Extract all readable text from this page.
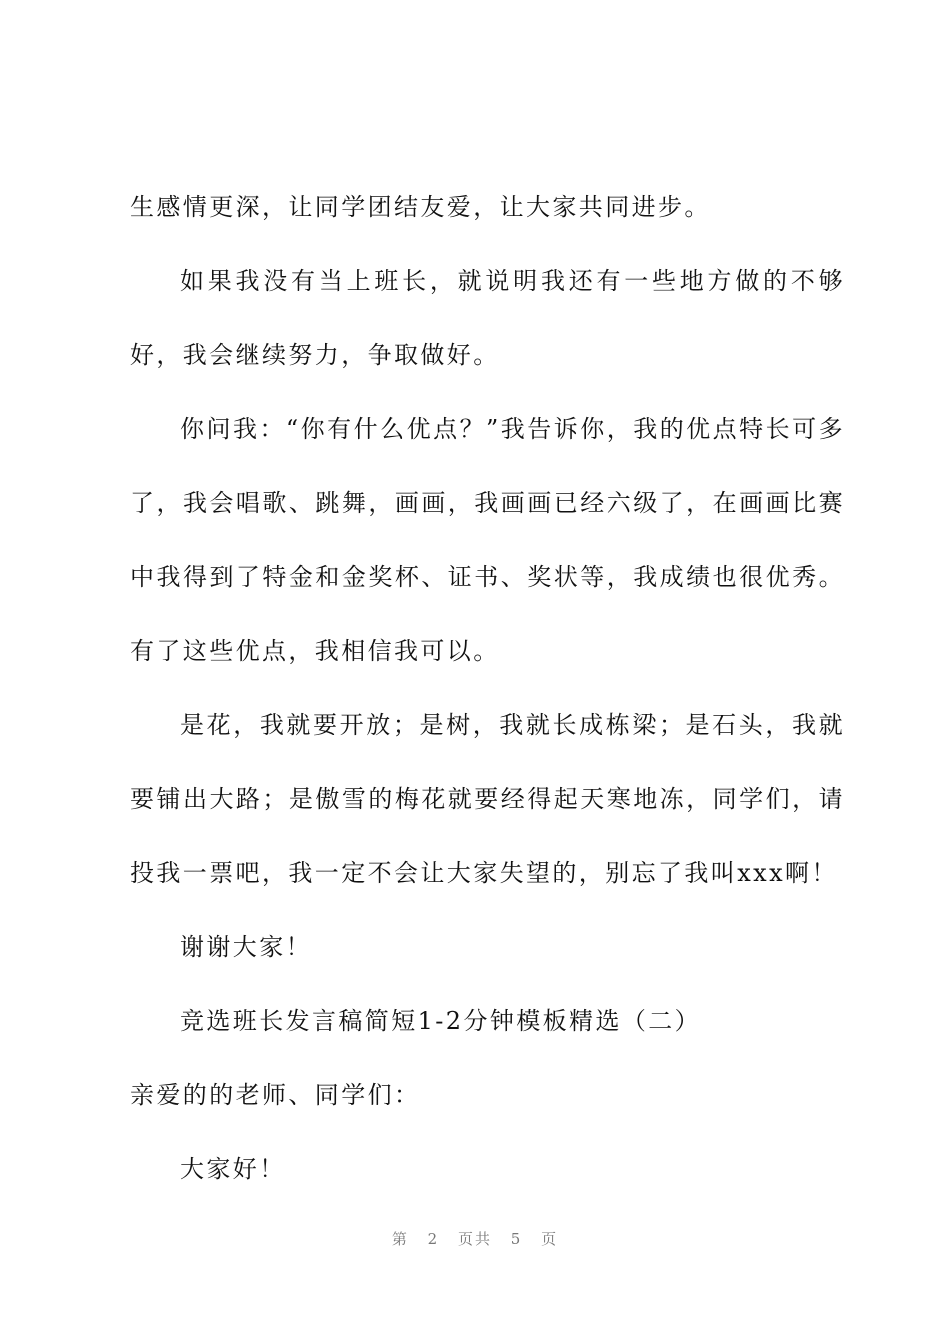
生感情更深，让同学团结友爱，让大家共同进步。

如果我没有当上班长，就说明我还有一些地方做的不够好，我会继续努力，争取做好。

你问我：“你有什么优点？”我告诉你，我的优点特长可多了，我会唱歌、跳舞，画画，我画画已经六级了，在画画比赛中我得到了特金和金奖杯、证书、奖状等，我成绩也很优秀。有了这些优点，我相信我可以。

是花，我就要开放；是树，我就长成栋梁；是石头，我就要铺出大路；是傲雪的梅花就要经得起天寒地冻，同学们，请投我一票吧，我一定不会让大家失望的，别忘了我叫xxx啊！

谢谢大家！

竞选班长发言稿简短1-2分钟模板精选（二）

亲爱的的老师、同学们：

大家好！

第 2 页共 5 页
